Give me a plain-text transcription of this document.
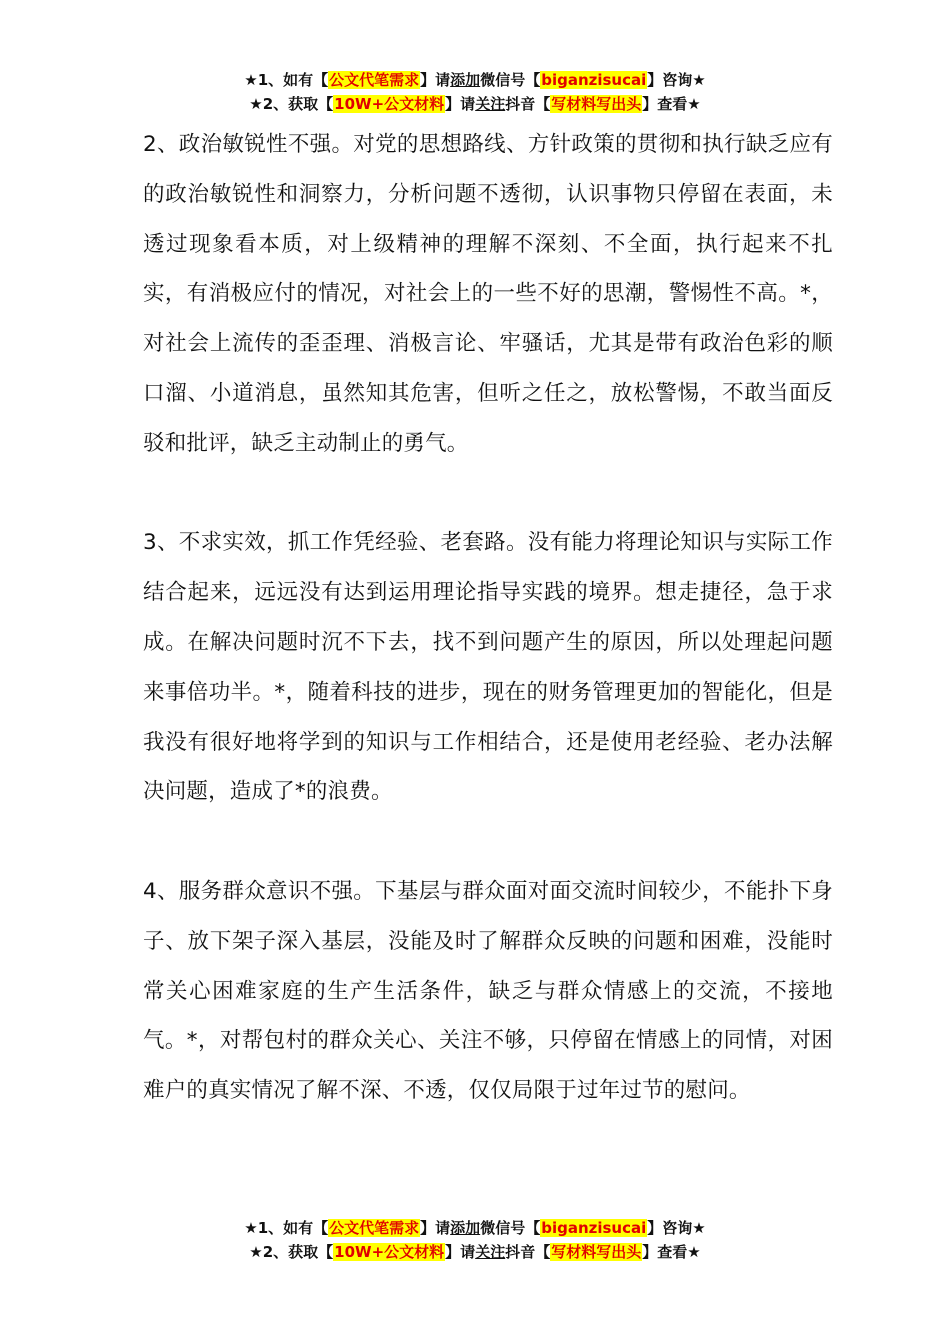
★1、如有【公文代笔需求】请添加微信号【biganzisucai】咨询★
★2、获取【10W+公文材料】请关注抖音【写材料写出头】查看★

2、政治敏锐性不强。对党的思想路线、方针政策的贯彻和执行缺乏应有的政治敏锐性和洞察力，分析问题不透彻，认识事物只停留在表面，未透过现象看本质，对上级精神的理解不深刻、不全面，执行起来不扎实，有消极应付的情况，对社会上的一些不好的思潮，警惕性不高。*，对社会上流传的歪歪理、消极言论、牢骚话，尤其是带有政治色彩的顺口溜、小道消息，虽然知其危害，但听之任之，放松警惕，不敢当面反驳和批评，缺乏主动制止的勇气。

3、不求实效，抓工作凭经验、老套路。没有能力将理论知识与实际工作结合起来，远远没有达到运用理论指导实践的境界。想走捷径，急于求成。在解决问题时沉不下去，找不到问题产生的原因，所以处理起问题来事倍功半。*，随着科技的进步，现在的财务管理更加的智能化，但是我没有很好地将学到的知识与工作相结合，还是使用老经验、老办法解决问题，造成了*的浪费。

4、服务群众意识不强。下基层与群众面对面交流时间较少，不能扑下身子、放下架子深入基层，没能及时了解群众反映的问题和困难，没能时常关心困难家庭的生产生活条件，缺乏与群众情感上的交流，不接地气。*，对帮包村的群众关心、关注不够，只停留在情感上的同情，对困难户的真实情况了解不深、不透，仅仅局限于过年过节的慰问。

★1、如有【公文代笔需求】请添加微信号【biganzisucai】咨询★
★2、获取【10W+公文材料】请关注抖音【写材料写出头】查看★
